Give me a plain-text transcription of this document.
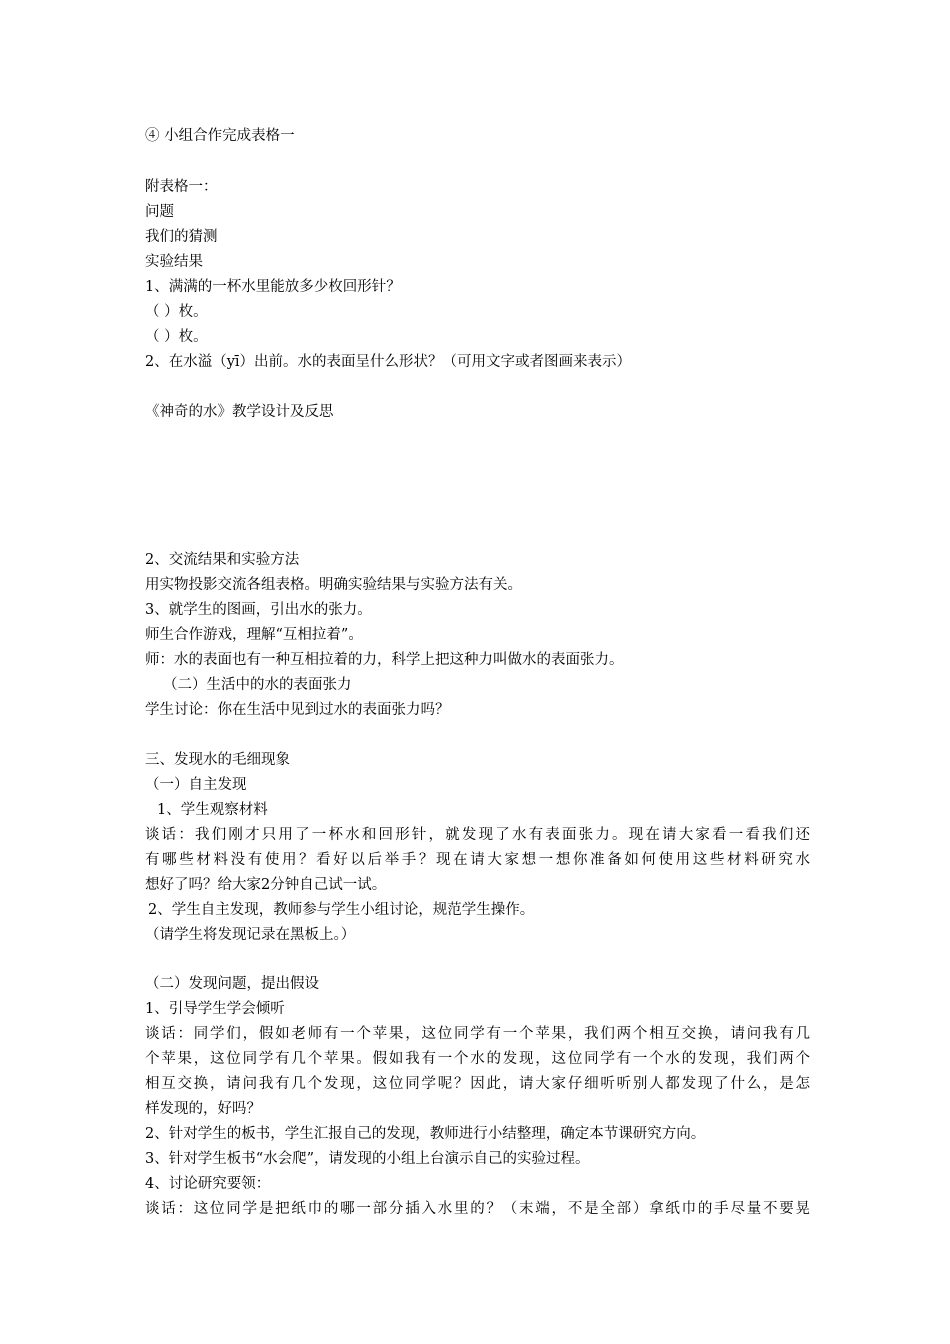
④ 小组合作完成表格一
附表格一：
问题
我们的猜测
实验结果
1、满满的一杯水里能放多少枚回形针？
（ ）枚。
（ ）枚。
2、在水溢（yī）出前。水的表面呈什么形状？（可用文字或者图画来表示）
《神奇的水》教学设计及反思
2、交流结果和实验方法
用实物投影交流各组表格。明确实验结果与实验方法有关。
3、就学生的图画，引出水的张力。
师生合作游戏，理解“互相拉着”。
师：水的表面也有一种互相拉着的力，科学上把这种力叫做水的表面张力。
（二）生活中的水的表面张力
学生讨论：你在生活中见到过水的表面张力吗？
三、发现水的毛细现象
（一）自主发现
1、学生观察材料
谈话：我们刚才只用了一杯水和回形针，就发现了水有表面张力。现在请大家看一看我们还
有哪些材料没有使用？看好以后举手？现在请大家想一想你准备如何使用这些材料研究水
想好了吗？给大家2分钟自己试一试。
2、学生自主发现，教师参与学生小组讨论，规范学生操作。
（请学生将发现记录在黑板上。）
（二）发现问题，提出假设
1、引导学生学会倾听
谈话：同学们，假如老师有一个苹果，这位同学有一个苹果，我们两个相互交换，请问我有几
个苹果，这位同学有几个苹果。假如我有一个水的发现，这位同学有一个水的发现，我们两个
相互交换，请问我有几个发现，这位同学呢？因此，请大家仔细听听别人都发现了什么，是怎
样发现的，好吗？
2、针对学生的板书，学生汇报自己的发现，教师进行小结整理，确定本节课研究方向。
3、针对学生板书“水会爬”，请发现的小组上台演示自己的实验过程。
4、讨论研究要领：
谈话：这位同学是把纸巾的哪一部分插入水里的？（末端，不是全部）拿纸巾的手尽量不要晃
